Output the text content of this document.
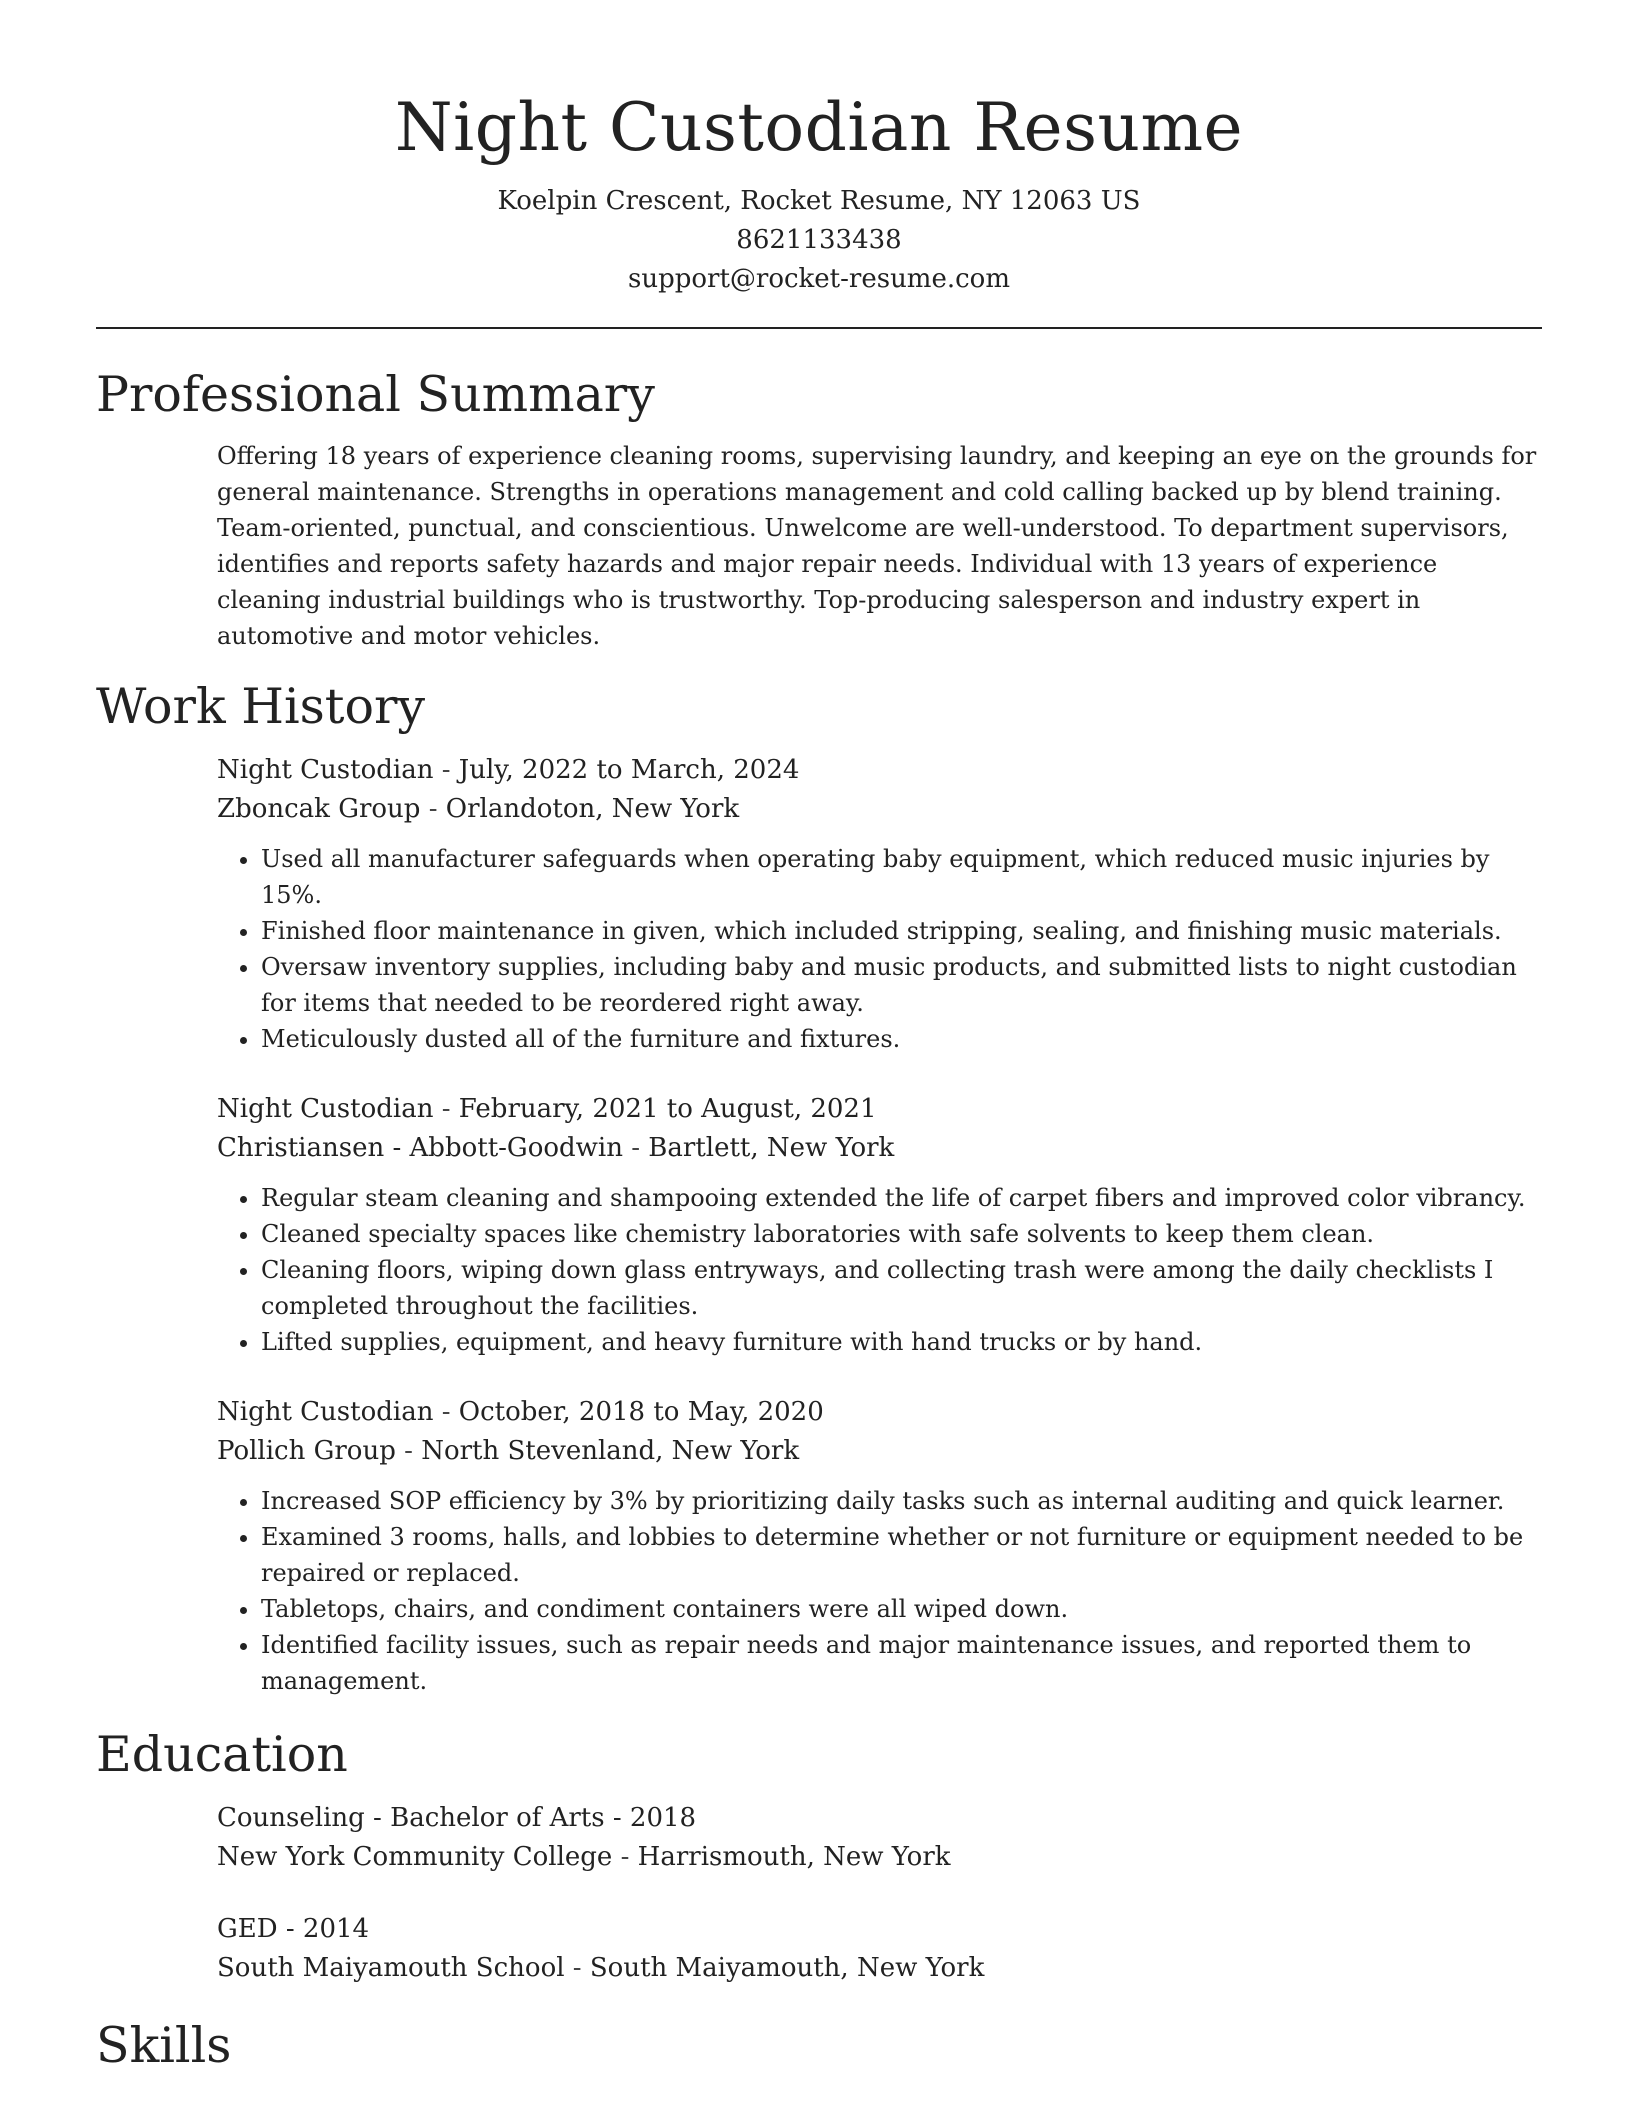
Night Custodian Resume
Koelpin Crescent, Rocket Resume, NY 12063 US
8621133438
support@rocket-resume.com
Professional Summary
Offering 18 years of experience cleaning rooms, supervising laundry, and keeping an eye on the grounds for general maintenance. Strengths in operations management and cold calling backed up by blend training. Team-oriented, punctual, and conscientious. Unwelcome are well-understood. To department supervisors, identifies and reports safety hazards and major repair needs. Individual with 13 years of experience cleaning industrial buildings who is trustworthy. Top-producing salesperson and industry expert in automotive and motor vehicles.
Work History
Night Custodian - July, 2022 to March, 2024
Zboncak Group - Orlandoton, New York
• Used all manufacturer safeguards when operating baby equipment, which reduced music injuries by 15%.
• Finished floor maintenance in given, which included stripping, sealing, and finishing music materials.
• Oversaw inventory supplies, including baby and music products, and submitted lists to night custodian for items that needed to be reordered right away.
• Meticulously dusted all of the furniture and fixtures.
Night Custodian - February, 2021 to August, 2021
Christiansen - Abbott-Goodwin - Bartlett, New York
• Regular steam cleaning and shampooing extended the life of carpet fibers and improved color vibrancy.
• Cleaned specialty spaces like chemistry laboratories with safe solvents to keep them clean.
• Cleaning floors, wiping down glass entryways, and collecting trash were among the daily checklists I completed throughout the facilities.
• Lifted supplies, equipment, and heavy furniture with hand trucks or by hand.
Night Custodian - October, 2018 to May, 2020
Pollich Group - North Stevenland, New York
• Increased SOP efficiency by 3% by prioritizing daily tasks such as internal auditing and quick learner.
• Examined 3 rooms, halls, and lobbies to determine whether or not furniture or equipment needed to be repaired or replaced.
• Tabletops, chairs, and condiment containers were all wiped down.
• Identified facility issues, such as repair needs and major maintenance issues, and reported them to management.
Education
Counseling - Bachelor of Arts - 2018
New York Community College - Harrismouth, New York
GED - 2014
South Maiyamouth School - South Maiyamouth, New York
Skills
